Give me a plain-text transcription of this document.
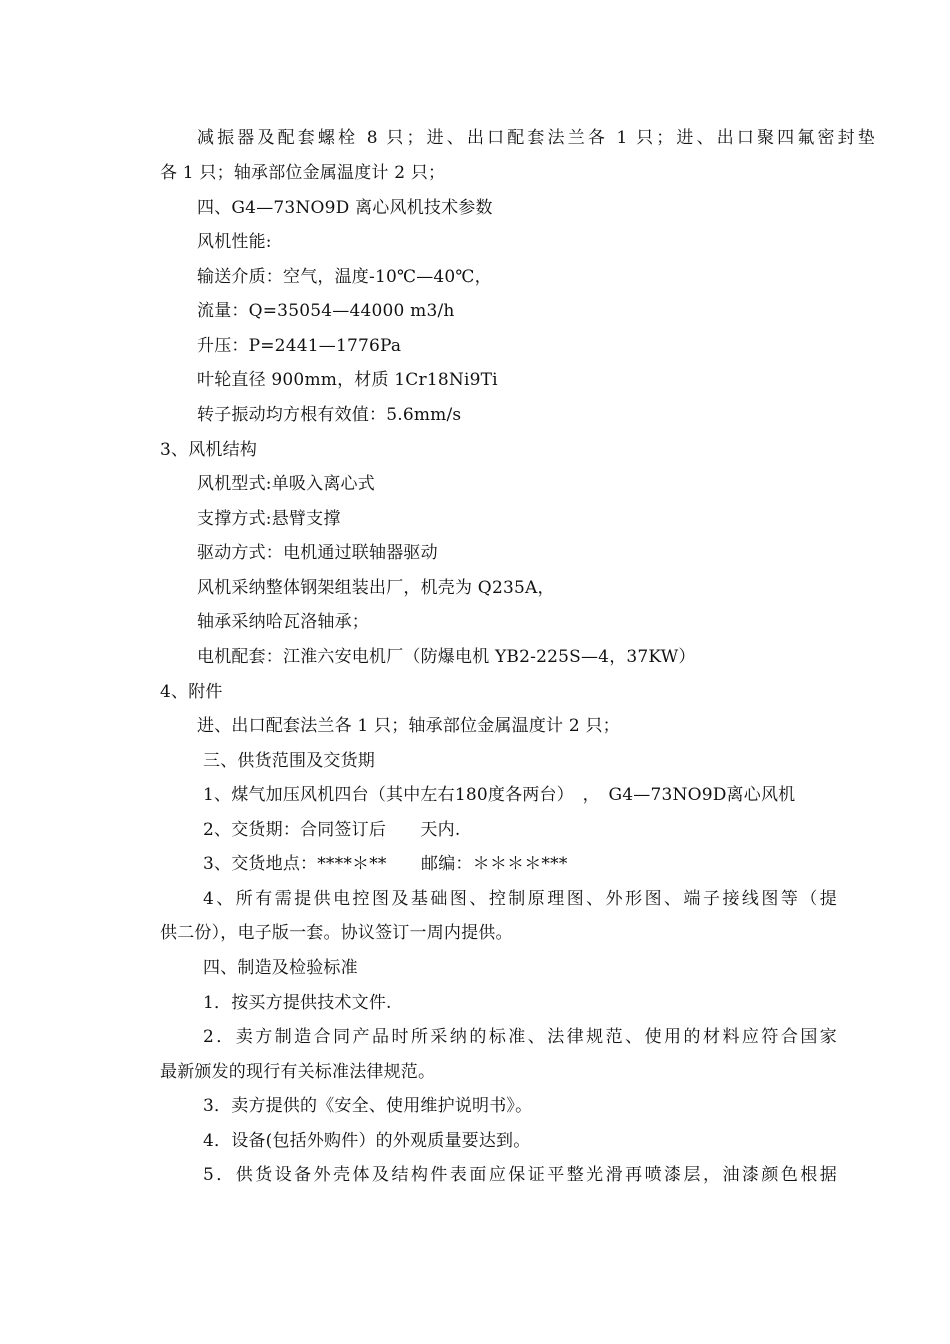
减振器及配套螺栓 8 只；进、出口配套法兰各 1 只；进、出口聚四氟密封垫
各 1 只；轴承部位金属温度计 2 只；
四、G4—73NO9D 离心风机技术参数
风机性能:
输送介质：空气，温度-10℃—40℃，
流量：Q=35054—44000 m3/h
升压：P=2441—1776Pa
叶轮直径 900mm，材质 1Cr18Ni9Ti
转子振动均方根有效值：5.6mm/s
3、风机结构
风机型式:单吸入离心式
支撑方式:悬臂支撑
驱动方式：电机通过联轴器驱动
风机采纳整体钢架组装出厂，机壳为 Q235A，
轴承采纳哈瓦洛轴承；
电机配套：江淮六安电机厂（防爆电机 YB2-225S—4，37KW）
4、附件
进、出口配套法兰各 1 只；轴承部位金属温度计 2 只；
三、供货范围及交货期
1、煤气加压风机四台（其中左右180度各两台）　，　G4—73NO9D离心风机
2、交货期：合同签订后　　天内.
3、交货地点：****＊**　　邮编：＊＊＊＊***
4、所有需提供电控图及基础图、控制原理图、外形图、端子接线图等（提
供二份），电子版一套。协议签订一周内提供。
四、制造及检验标准
1．按买方提供技术文件.
2．卖方制造合同产品时所采纳的标准、法律规范、使用的材料应符合国家
最新颁发的现行有关标准法律规范。
3．卖方提供的《安全、使用维护说明书》。
4．设备(包括外购件）的外观质量要达到。
5．供货设备外壳体及结构件表面应保证平整光滑再喷漆层，油漆颜色根据
